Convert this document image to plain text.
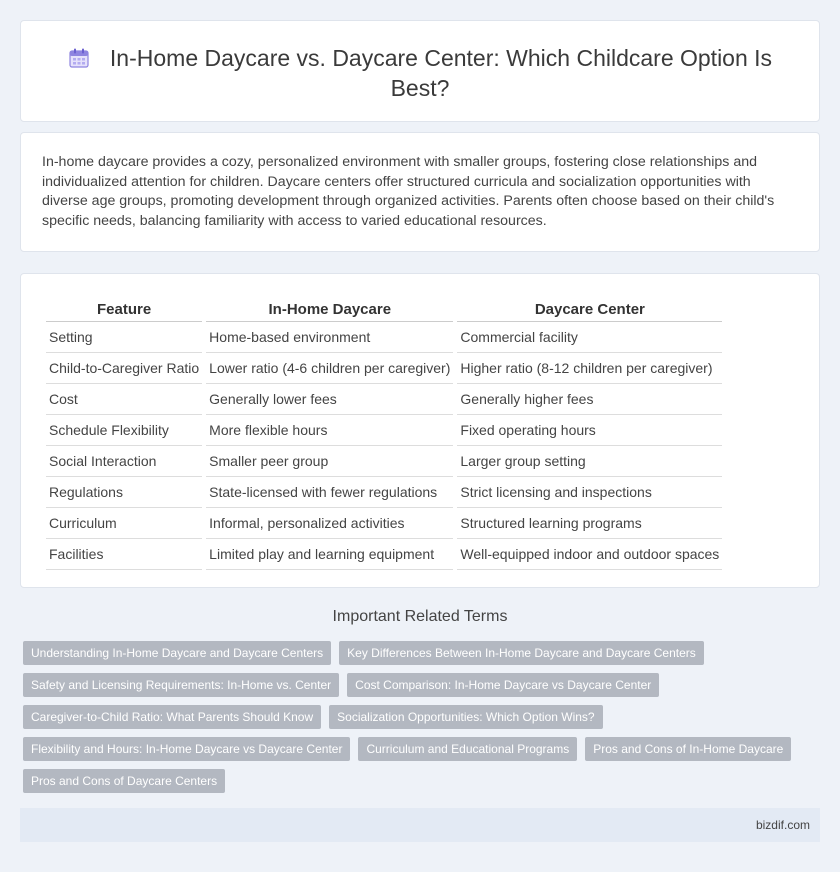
In-Home Daycare vs. Daycare Center: Which Childcare Option Is Best?

In-home daycare provides a cozy, personalized environment with smaller groups, fostering close relationships and individualized attention for children. Daycare centers offer structured curricula and socialization opportunities with diverse age groups, promoting development through organized activities. Parents often choose based on their child's specific needs, balancing familiarity with access to varied educational resources.

Feature	In-Home Daycare	Daycare Center
Setting	Home-based environment	Commercial facility
Child-to-Caregiver Ratio	Lower ratio (4-6 children per caregiver)	Higher ratio (8-12 children per caregiver)
Cost	Generally lower fees	Generally higher fees
Schedule Flexibility	More flexible hours	Fixed operating hours
Social Interaction	Smaller peer group	Larger group setting
Regulations	State-licensed with fewer regulations	Strict licensing and inspections
Curriculum	Informal, personalized activities	Structured learning programs
Facilities	Limited play and learning equipment	Well-equipped indoor and outdoor spaces
Important Related Terms
Understanding In-Home Daycare and Daycare Centers	Key Differences Between In-Home Daycare and Daycare Centers
Safety and Licensing Requirements: In-Home vs. Center	Cost Comparison: In-Home Daycare vs Daycare Center
Caregiver-to-Child Ratio: What Parents Should Know	Socialization Opportunities: Which Option Wins?
Flexibility and Hours: In-Home Daycare vs Daycare Center	Curriculum and Educational Programs	Pros and Cons of In-Home Daycare
Pros and Cons of Daycare Centers
bizdif.com
